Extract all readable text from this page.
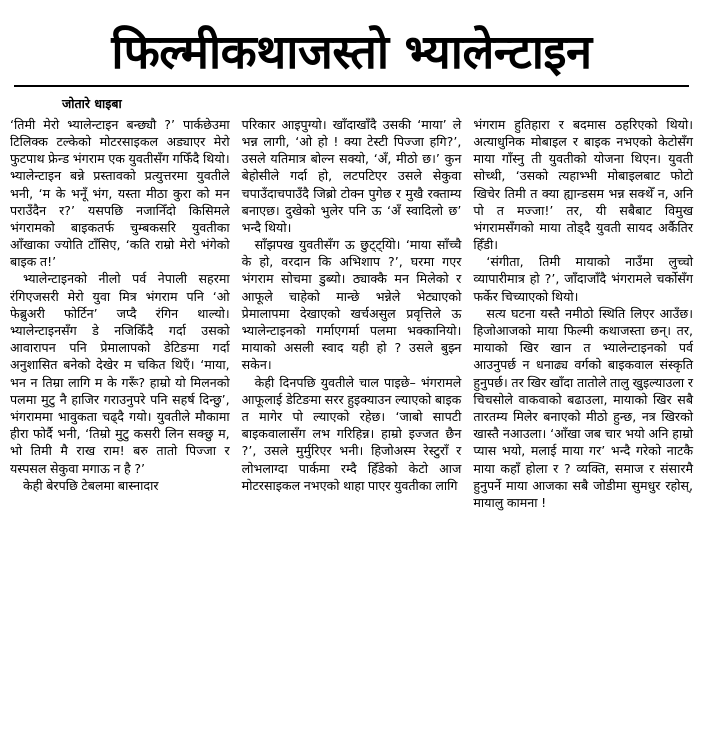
फिल्मीकथाजस्तो भ्यालेन्टाइन
जोतारे धाइबा

‘तिमी मेरो भ्यालेन्टाइन बन्छ्यौ ?’ पार्कछेउमा टिलिक्क टल्केको मोटरसाइकल अड्याएर मेरो फुटपाथ फ्रेन्ड भंगराम एक युवतीसँग गफिँदै थियो। भ्यालेन्टाइन बन्ने प्रस्तावको प्रत्युत्तरमा युवतीले भनी, ‘म के भनूँ भंग, यस्ता मीठा कुरा को मन पराउँदैन र?’ यसपछि नजानिँदो किसिमले भंगरामको बाइकतर्फ चुम्बकसरि युवतीका आँखाका ज्योति टाँसिए, ‘कति राम्रो मेरो भंगेको बाइक त!’

भ्यालेन्टाइनको नीलो पर्व नेपाली सहरमा रंगिएजसरी मेरो युवा मित्र भंगराम पनि ‘ओ फेब्रुअरी फोर्टिन’ जप्दै रंगिन थाल्यो। भ्यालेन्टाइनसँग डे नजिकिँदै गर्दा उसको आवारापन पनि प्रेमालापको डेटिङमा गर्दा अनुशासित बनेको देखेर म चकित थिएँ। ‘माया, भन न तिम्रा लागि म के गरूँ? हाम्रो यो मिलनको पलमा मुटु नै हाजिर गराउनुपरे पनि सहर्ष दिन्छु’, भंगराममा भावुकता चढ्दै गयो। युवतीले मौकामा हीरा फोर्दै भनी, ‘तिम्रो मुटु कसरी लिन सक्छु म, भो तिमी मै राख राम! बरु तातो पिज्जा र यस्पसल सेकुवा मगाऊ न है ?’

केही बेरपछि टेबलमा बास्नादार

परिकार आइपुग्यो। खाँदाखाँदै उसकी ‘माया’ ले भन्न लागी, ‘ओ हो ! क्या टेस्टी पिज्जा हगि?’, उसले यतिमात्र बोल्न सक्यो, ‘अँ, मीठो छ।’ कुन बेहोसीले गर्दा हो, लटपटिएर उसले सेकुवा चपाउँदाचपाउँदै जिब्रो टोक्न पुगेछ र मुखै रक्ताम्य बनाएछ। दुखेको भुलेर पनि ऊ ‘अँ स्वादिलो छ’ भन्दै थियो।

साँझपख युवतीसँग ऊ छुट्ट्यिो। ‘माया साँच्चै के हो, वरदान कि अभिशाप ?’, घरमा गएर भंगराम सोचमा डुब्यो। ठ्याक्कै मन मिलेको र आफूले चाहेको मान्छे भन्नेले भेट्याएको प्रेमालापमा देखाएको खर्चअसुल प्रवृत्तिले ऊ भ्यालेन्टाइनको गर्माएगर्मा पलमा भक्कानियो। मायाको असली स्वाद यही हो ? उसले बुझ्न सकेन।

केही दिनपछि युवतीले चाल पाइछे– भंगरामले आफूलाई डेटिङमा सरर हुइक्याउन ल्याएको बाइक त मागेर पो ल्याएको रहेछ। ‘जाबो सापटी बाइकवालासँग लभ गरिहिन्न। हाम्रो इज्जत छैन ?’, उसले मुर्मुरिएर भनी। हिजोअस्म रेस्टुराँ र लोभलाग्दा पार्कमा रम्दै हिँडेको केटो आज मोटरसाइकल नभएको थाहा पाएर युवतीका लागि

भंगराम हुतिहारा र बदमास ठहरिएको थियो। अत्याधुनिक मोबाइल र बाइक नभएको केटोसँग माया गाँस्नु ती युवतीको योजना थिएन। युवती सोच्थी, ‘उसको त्यहाभ्भी मोबाइलबाट फोटो खिचेर तिमी त क्या ह्यान्डसम भन्न सक्थेँ न, अनि पो त मज्जा!’ तर, यी सबैबाट विमुख भंगरामसँगको माया तोड्दै युवती सायद अर्कैतिर हिँडी।

‘संगीता, तिमी मायाको नाउँमा लुच्चो व्यापारीमात्र हो ?’, जाँदाजाँदै भंगरामले चर्कोसँग फर्केर चिच्याएको थियो।

सत्य घटना यस्तै नमीठो स्थिति लिएर आउँछ। हिजोआजको माया फिल्मी कथाजस्ता छन्। तर, मायाको खिर खान त भ्यालेन्टाइनको पर्व आउनुपर्छ न धनाढ्य वर्गको बाइकवाल संस्कृति हुनुपर्छ। तर खिर खाँदा तातोले तालु खुइल्याउला र चिचसोले वाकवाको बढाउला, मायाको खिर सबै तारतम्य मिलेर बनाएको मीठो हुन्छ, नत्र खिरको खास्तै नआउला। ‘आँखा जब चार भयो अनि हाम्रो प्यास भयो, मलाई माया गर’ भन्दै गरेको नाटकै माया कहाँ होला र ? व्यक्ति, समाज र संसारमै हुनुपर्ने माया आजका सबै जोडीमा सुमधुर रहोस्, मायालु कामना !
